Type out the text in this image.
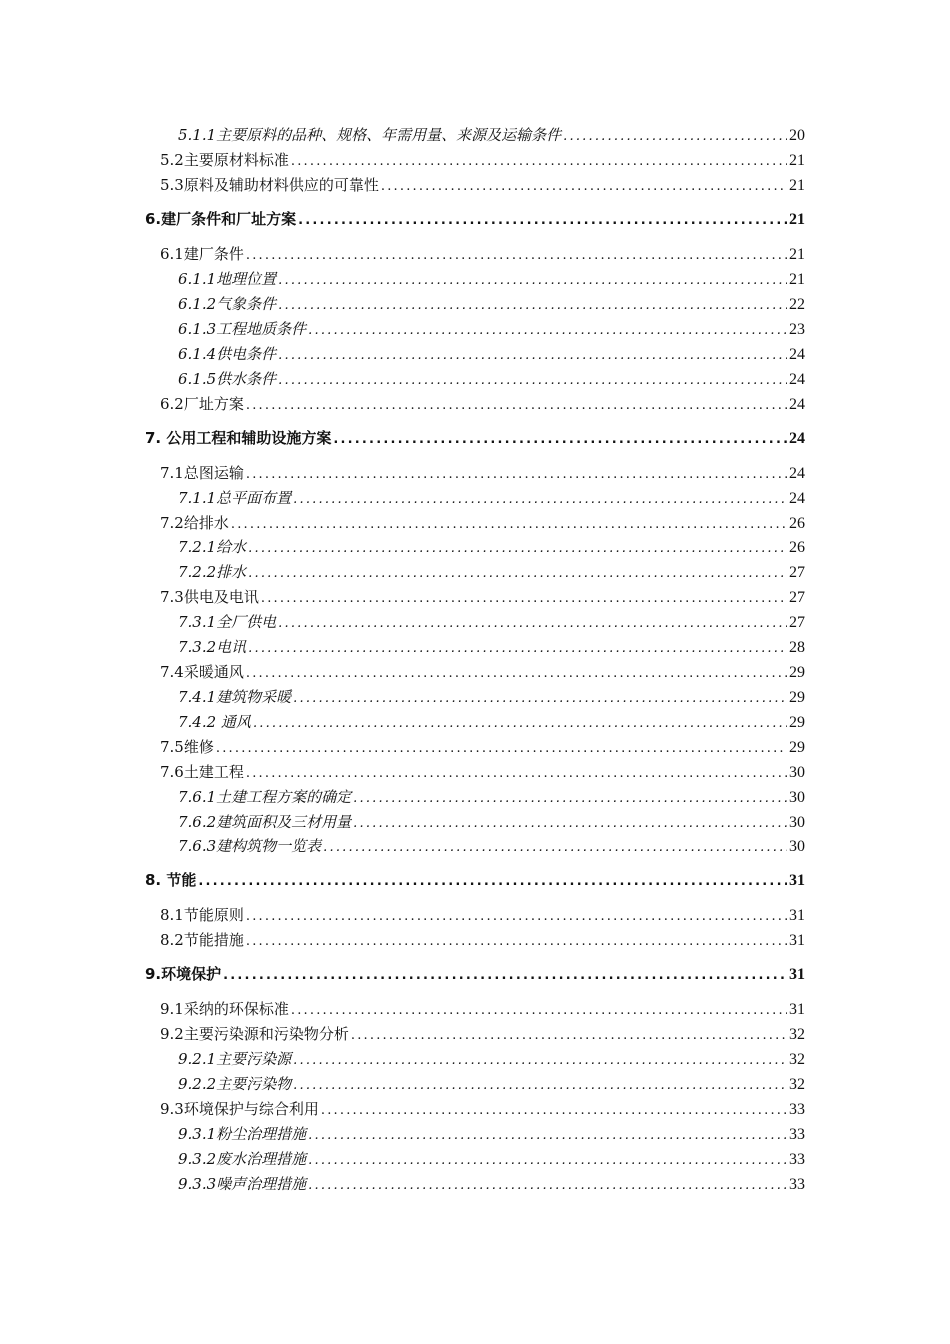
5.1.1主要原料的品种、规格、年需用量、来源及运输条件 .....	20
5.2主要原材料标准 .....	21
5.3原料及辅助材料供应的可靠性 .....	21
6.建厂条件和厂址方案 .....	21
6.1建厂条件 .....	21
6.1.1地理位置 .....	21
6.1.2气象条件 .....	22
6.1.3工程地质条件 .....	23
6.1.4供电条件 .....	24
6.1.5供水条件 .....	24
6.2厂址方案 .....	24
7. 公用工程和辅助设施方案 .....	24
7.1总图运输 .....	24
7.1.1总平面布置 .....	24
7.2给排水 .....	26
7.2.1给水 .....	26
7.2.2排水 .....	27
7.3供电及电讯 .....	27
7.3.1全厂供电 .....	27
7.3.2电讯 .....	28
7.4采暖通风 .....	29
7.4.1建筑物采暖 .....	29
7.4.2 通风 .....	29
7.5维修 .....	29
7.6土建工程 .....	30
7.6.1土建工程方案的确定 .....	30
7.6.2建筑面积及三材用量 .....	30
7.6.3建构筑物一览表 .....	30
8. 节能 .....	31
8.1节能原则 .....	31
8.2节能措施 .....	31
9.环境保护 .....	31
9.1采纳的环保标准 .....	31
9.2主要污染源和污染物分析 .....	32
9.2.1主要污染源 .....	32
9.2.2主要污染物 .....	32
9.3环境保护与综合利用 .....	33
9.3.1粉尘治理措施 .....	33
9.3.2废水治理措施 .....	33
9.3.3噪声治理措施 .....	33
